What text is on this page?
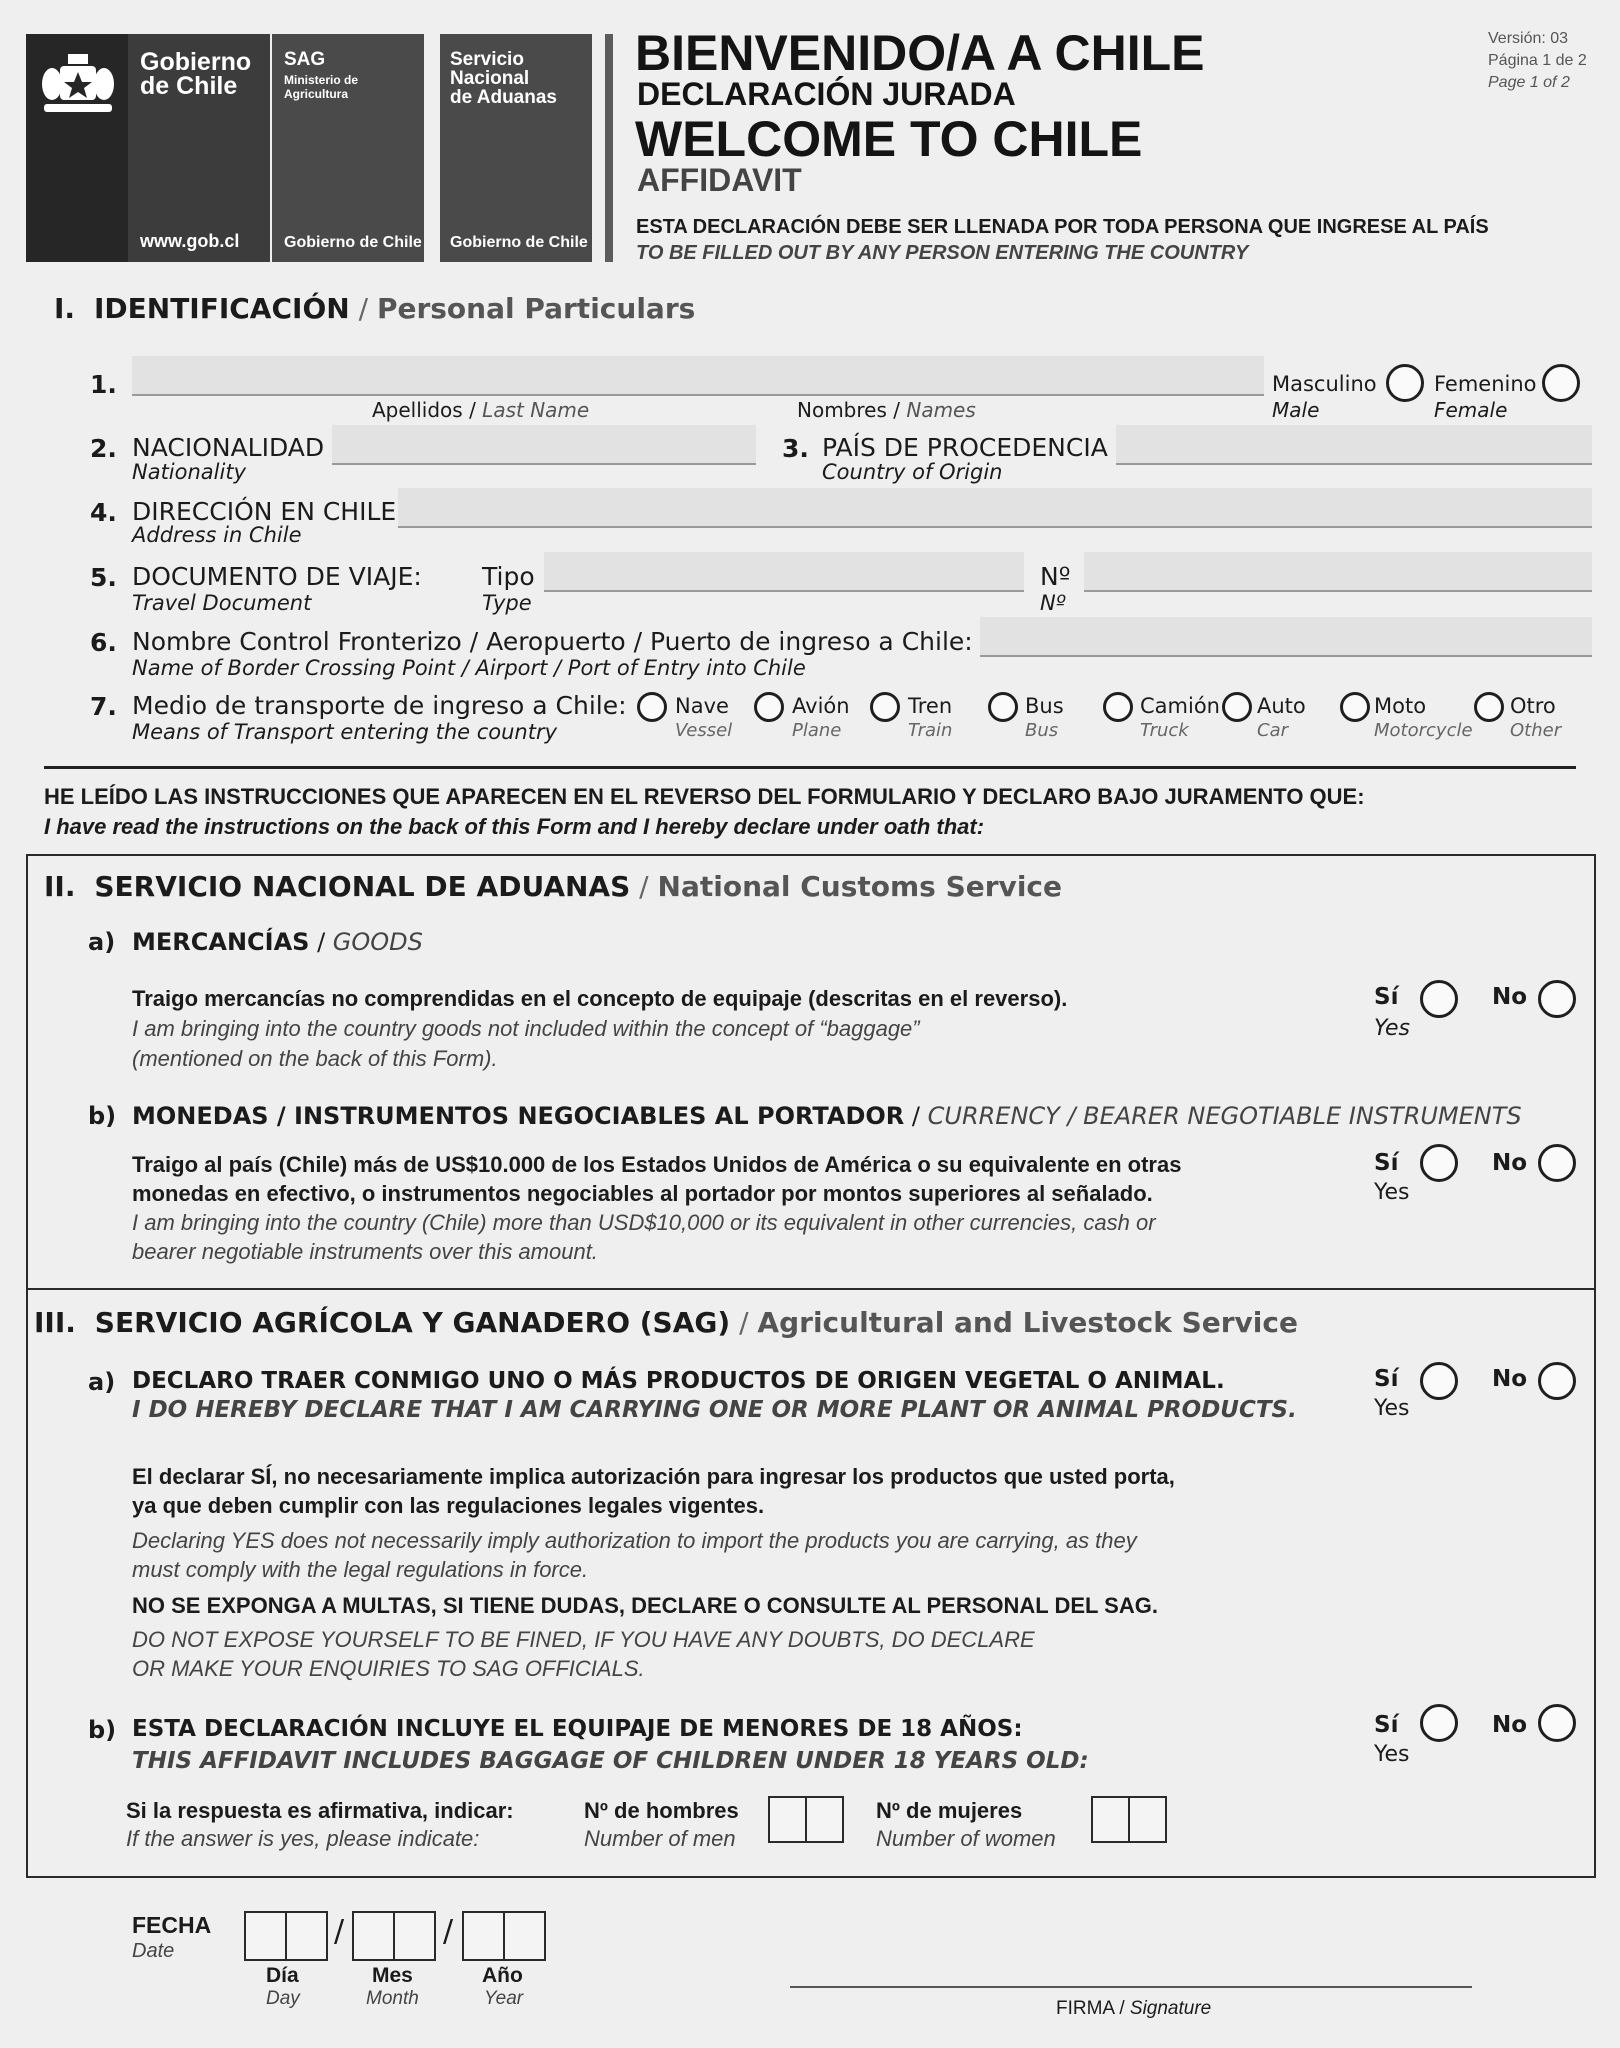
Gobierno
de Chile
www.gob.cl
SAG
Ministerio de
Agricultura
Gobierno de Chile
Servicio
Nacional
de Aduanas
Gobierno de Chile
BIENVENIDO/A A CHILE
DECLARACIÓN JURADA
WELCOME TO CHILE
AFFIDAVIT
ESTA DECLARACIÓN DEBE SER LLENADA POR TODA PERSONA QUE INGRESE AL PAÍS
TO BE FILLED OUT BY ANY PERSON ENTERING THE COUNTRY
Versión: 03
Página 1 de 2
Page 1 of 2
I. IDENTIFICACIÓN / Personal Particulars
1.
Apellidos / Last Name	Nombres / Names
Masculino
Male
Femenino
Female
2. NACIONALIDAD
Nationality
3. PAÍS DE PROCEDENCIA
Country of Origin
4. DIRECCIÓN EN CHILE
Address in Chile
5. DOCUMENTO DE VIAJE:
Travel Document
Tipo
Type
Nº
Nº
6. Nombre Control Fronterizo / Aeropuerto / Puerto de ingreso a Chile:
Name of Border Crossing Point / Airport / Port of Entry into Chile
7. Medio de transporte de ingreso a Chile:
Means of Transport entering the country
Nave
Vessel
Avión
Plane
Tren
Train
Bus
Bus
Camión
Truck
Auto
Car
Moto
Motorcycle
Otro
Other
HE LEÍDO LAS INSTRUCCIONES QUE APARECEN EN EL REVERSO DEL FORMULARIO Y DECLARO BAJO JURAMENTO QUE:
I have read the instructions on the back of this Form and I hereby declare under oath that:
II. SERVICIO NACIONAL DE ADUANAS / National Customs Service
a) MERCANCÍAS / GOODS
Traigo mercancías no comprendidas en el concepto de equipaje (descritas en el reverso).
I am bringing into the country goods not included within the concept of “baggage”
(mentioned on the back of this Form).
Sí
Yes
No
b) MONEDAS / INSTRUMENTOS NEGOCIABLES AL PORTADOR / CURRENCY / BEARER NEGOTIABLE INSTRUMENTS
Traigo al país (Chile) más de US$10.000 de los Estados Unidos de América o su equivalente en otras
monedas en efectivo, o instrumentos negociables al portador por montos superiores al señalado.
I am bringing into the country (Chile) more than USD$10,000 or its equivalent in other currencies, cash or
bearer negotiable instruments over this amount.
Sí
Yes
No
III. SERVICIO AGRÍCOLA Y GANADERO (SAG) / Agricultural and Livestock Service
a) DECLARO TRAER CONMIGO UNO O MÁS PRODUCTOS DE ORIGEN VEGETAL O ANIMAL.
I DO HEREBY DECLARE THAT I AM CARRYING ONE OR MORE PLANT OR ANIMAL PRODUCTS.
Sí
Yes
No
El declarar SÍ, no necesariamente implica autorización para ingresar los productos que usted porta,
ya que deben cumplir con las regulaciones legales vigentes.
Declaring YES does not necessarily imply authorization to import the products you are carrying, as they
must comply with the legal regulations in force.
NO SE EXPONGA A MULTAS, SI TIENE DUDAS, DECLARE O CONSULTE AL PERSONAL DEL SAG.
DO NOT EXPOSE YOURSELF TO BE FINED, IF YOU HAVE ANY DOUBTS, DO DECLARE
OR MAKE YOUR ENQUIRIES TO SAG OFFICIALS.
b) ESTA DECLARACIÓN INCLUYE EL EQUIPAJE DE MENORES DE 18 AÑOS:
THIS AFFIDAVIT INCLUDES BAGGAGE OF CHILDREN UNDER 18 YEARS OLD:
Sí
Yes
No
Si la respuesta es afirmativa, indicar:
If the answer is yes, please indicate:
Nº de hombres
Number of men
Nº de mujeres
Number of women
FECHA
Date
/	/
Día
Day
Mes
Month
Año
Year	FIRMA / Signature
